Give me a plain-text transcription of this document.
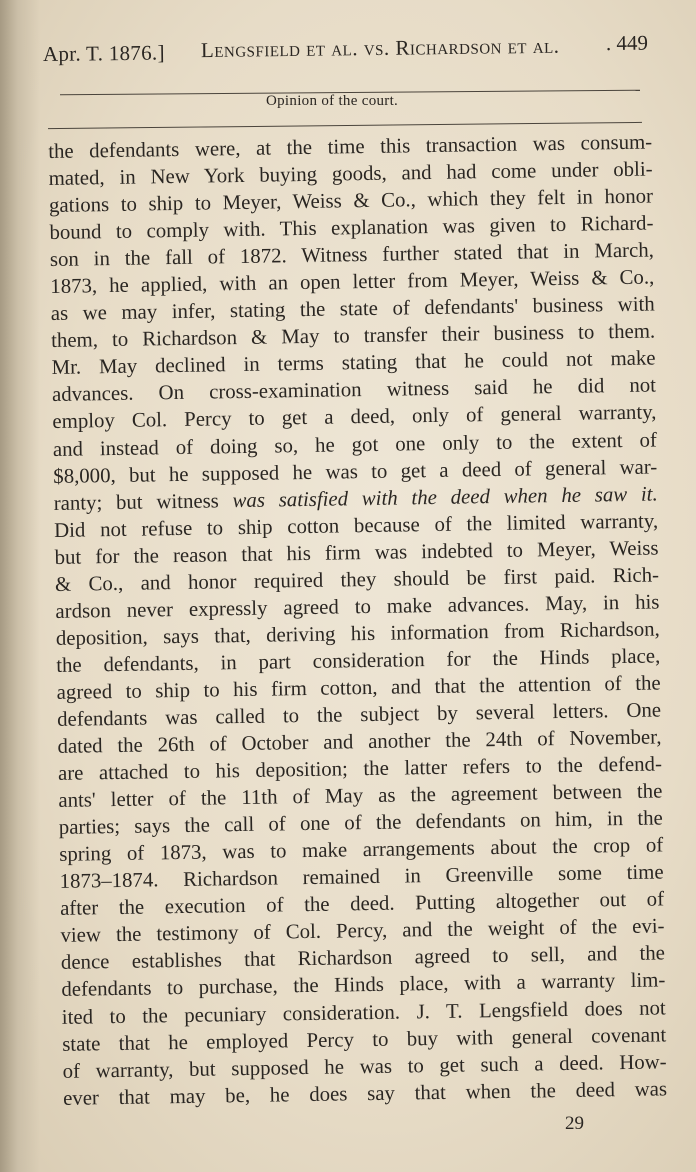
Apr. T. 1876.] Lengsfield et al. vs. Richardson et al. . 449
Opinion of the court.
the defendants were, at the time this transaction was consum-
mated, in New York buying goods, and had come under obli-
gations to ship to Meyer, Weiss & Co., which they felt in honor
bound to comply with. This explanation was given to Richard-
son in the fall of 1872. Witness further stated that in March,
1873, he applied, with an open letter from Meyer, Weiss & Co.,
as we may infer, stating the state of defendants' business with
them, to Richardson & May to transfer their business to them.
Mr. May declined in terms stating that he could not make
advances. On cross-examination witness said he did not
employ Col. Percy to get a deed, only of general warranty,
and instead of doing so, he got one only to the extent of
$8,000, but he supposed he was to get a deed of general war-
ranty; but witness was satisfied with the deed when he saw it.
Did not refuse to ship cotton because of the limited warranty,
but for the reason that his firm was indebted to Meyer, Weiss
& Co., and honor required they should be first paid. Rich-
ardson never expressly agreed to make advances. May, in his
deposition, says that, deriving his information from Richardson,
the defendants, in part consideration for the Hinds place,
agreed to ship to his firm cotton, and that the attention of the
defendants was called to the subject by several letters. One
dated the 26th of October and another the 24th of November,
are attached to his deposition; the latter refers to the defend-
ants' letter of the 11th of May as the agreement between the
parties; says the call of one of the defendants on him, in the
spring of 1873, was to make arrangements about the crop of
1873–1874. Richardson remained in Greenville some time
after the execution of the deed. Putting altogether out of
view the testimony of Col. Percy, and the weight of the evi-
dence establishes that Richardson agreed to sell, and the
defendants to purchase, the Hinds place, with a warranty lim-
ited to the pecuniary consideration. J. T. Lengsfield does not
state that he employed Percy to buy with general covenant
of warranty, but supposed he was to get such a deed. How-
ever that may be, he does say that when the deed was
29
